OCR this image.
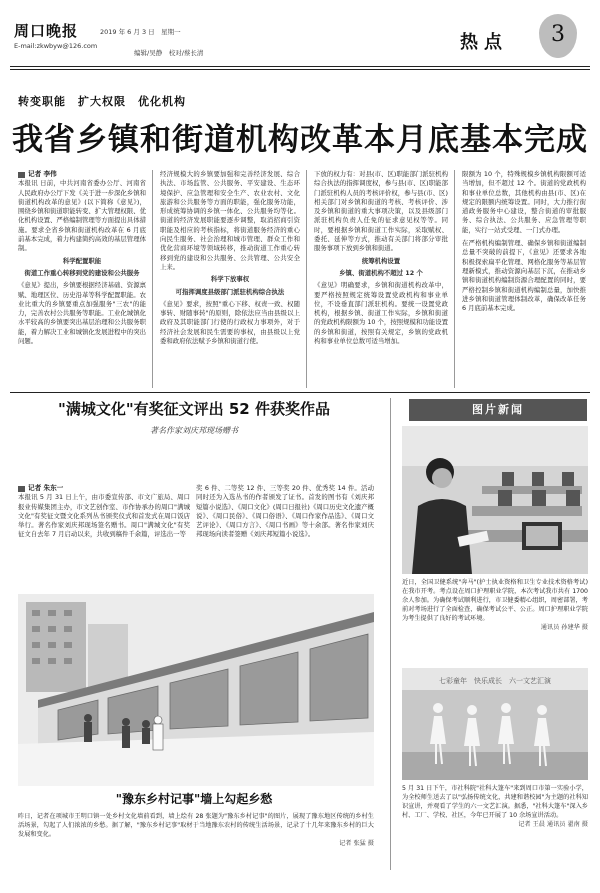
周口晚报
E-mail:zkwbyw@126.com
2019 年 6 月 3 日　星期一
编辑/吴静　校对/蔡长清	热点	3
转变职能　扩大权限　优化机构
我省乡镇和街道机构改革本月底基本完成
记者 李伟
本报讯 日前，中共河南省委办公厅、河南省人民政府办公厅下发《关于进一步深化乡镇和街道机构改革的意见》(以下简称《意见》)，围绕乡镇和街道职能转变、扩大管理权限、优化机构设置、严格编制管理等方面提出具体措施。要求全省乡镇和街道机构改革在 6 月底前基本完成，着力构建简约高效的基层管理体制。
科学配置职能
街道工作重心转移到党的建设和公共服务
《意见》提出，乡镇要根据经济基础、资源禀赋、地理区位、历史沿革等科学配置职能。农业比重大的乡镇要重点加强服务"三农"的能力，完善农村公共服务等职能。工业化城镇化水平较高的乡镇要突出基层治理和公共服务职能，着力解决工业和城镇化发展进程中的突出问题。
经济规模大的乡镇要加强和完善经济发展、综合执法、市场监管、公共服务、平安建设、生态环境保护、应急管理和安全生产、农业农村、文化旅游和公共服务等方面的职能，强化服务功能，形成统筹协调的乡镇一体化、公共服务均等化。街道的经济发展职能要逐步调整，取消招商引资职能及相应的考核指标，将街道服务经济的重心向民生服务、社会治理和城市管理、群众工作和优化营商环境等领域转移，推动街道工作重心转移到党的建设和公共服务、公共管理、公共安全上来。
科学下放事权
可指挥调度县级部门派驻机构综合执法
《意见》要求，按照"重心下移、权责一致、权随事转、财随事转"的原则，除依法应当由县级以上政府及其职能部门行使的行政权力事项外，对于经济社会发展和民生需要的事权，由县级以上党委和政府依法赋予乡镇和街道行使。
下放的权力有：对县(市、区)职能部门派驻机构综合执法的指挥调度权，参与县(市、区)职能部门派驻机构人员的考核评价权，参与县(市、区)相关部门对乡镇和街道的考核、考核评价、涉及乡镇和街道的重大事项决策，以及县级部门派驻机构负责人任免的征求意见权等等。同时，要根据乡镇和街道工作实际，采取赋权、委托、延伸等方式，推动有关部门将部分审批服务事项下放到乡镇和街道。
统筹机构设置
乡镇、街道机构不超过 12 个
《意见》明确要求，乡镇和街道机构改革中，要严格按照规定统筹设置党政机构和事业单位，不设垂直部门派驻机构。要统一设置党政机构，根据乡镇、街道工作实际，乡镇和街道的党政机构限额为 10 个，按照规模和功能设置的乡镇和街道，按照有关规定，乡镇的党政机构和事业单位总数可适当增加。
限额为 10 个，特殊规模乡镇机构限额可适当增加，但不超过 12 个。街道的党政机构和事业单位总数，其他机构由县(市、区)在规定的限额内统筹设置。同时，大力推行街道政务服务中心建设，整合街道的审批服务、综合执法、公共服务、应急管理等职能，实行一站式受理、一门式办理。
在严格机构编制管理、确保乡镇和街道编制总量不突破的前提下，《意见》还要求各地积极探索扁平化管理、网格化服务等基层管理新模式，推动资源向基层下沉，在推动乡镇和街道机构编制资源合理配置的同时，要严格控制乡镇和街道机构编制总量，加快推进乡镇和街道管理体制改革，确保改革任务 6 月底前基本完成。
"满城文化"有奖征文评出 52 件获奖作品
著名作家刘庆邦现场赠书
记者 朱东一
本报讯 5 月 31 日上午，由市委宣传部、市文广旅局、周口报业传媒集团主办，市文艺创作室、市作协承办的周口"满城文化"有奖征文暨文化系列丛书颁奖仪式和首发式在周口饭店举行。著名作家刘庆邦现场签名赠书。周口"满城文化"有奖征文自去年 7 月启动以来，共收到稿件千余篇，评选出一等
奖 6 件、二等奖 12 件、三等奖 20 件、优秀奖 14 件。活动同时还为入选丛书的作者颁发了证书。首发的图书有《刘庆邦短篇小说选》、《周口文化》(周口日报社)《周口历史文化遗产概说》、《周口民俗》、《周口俗语》、《周口作家作品选》、《周口文艺评论》、《周口方言》、《周口书画》等十余部。著名作家刘庆邦现场向读者签赠《刘庆邦短篇小说选》。
"豫东乡村记事"墙上勾起乡愁
昨日，记者在项城市王明口镇一处乡村文化墙前看到，墙上绘有 28 张题为"豫东乡村记事"的图片，展现了豫东地区传统的乡村生活场景，勾起了人们浓浓的乡愁。据了解，"豫东乡村记事"取材于当地豫东农村的传统生活场景，记录了十几年来豫东乡村的巨大发展和变化。
记者 张猛 摄
图片新闻
近日，全国卫健系统"奔马"(护士执业资格和卫生专业技术资格考试)在我市开考。考点设在周口护理职业学院，本次考试我市共有 1700 余人参加。为确保考试顺利进行，市卫健委精心组织，周密部署，考前对考场进行了全面检查，确保考试公平、公正。周口护理职业学院为考生提供了良好的考试环境。
通讯员 孙建华 摄
七彩童年　快乐成长　六一文艺汇演
5 月 31 日下午，市社科院"社科大篷车"来到周口市第一实验小学，为全校师生送去了以"弘扬传统文化，共建和谐校园"为主题的社科知识宣讲，并观看了学生的六一文艺汇演。据悉，"社科大篷车"深入乡村、工厂、学校、社区，今年已开展了 10 余场宣讲活动。
记者 王晨 通讯员 翟南 摄
